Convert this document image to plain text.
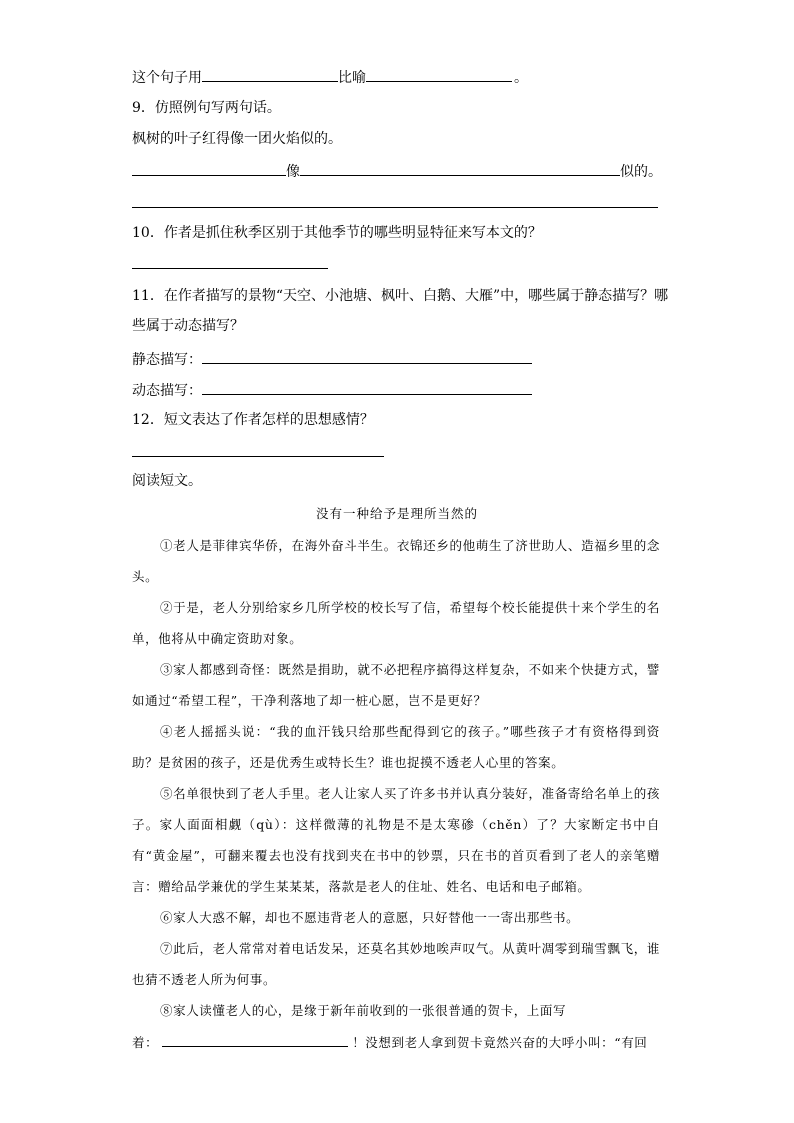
这个句子用	比喻	。
9．仿照例句写两句话。
枫树的叶子红得像一团火焰似的。
像	似的。
10．作者是抓住秋季区别于其他季节的哪些明显特征来写本文的？
11．在作者描写的景物“天空、小池塘、枫叶、白鹅、大雁”中，哪些属于静态描写？哪
些属于动态描写？
静态描写：
动态描写：
12．短文表达了作者怎样的思想感情？
阅读短文。
没有一种给予是理所当然的
①老人是菲律宾华侨，在海外奋斗半生。衣锦还乡的他萌生了济世助人、造福乡里的念头。
②于是，老人分别给家乡几所学校的校长写了信，希望每个校长能提供十来个学生的名单，他将从中确定资助对象。
③家人都感到奇怪：既然是捐助，就不必把程序搞得这样复杂，不如来个快捷方式，譬如通过“希望工程”，干净利落地了却一桩心愿，岂不是更好？
④老人摇摇头说：“我的血汗钱只给那些配得到它的孩子。”哪些孩子才有资格得到资助？是贫困的孩子，还是优秀生或特长生？谁也捉摸不透老人心里的答案。
⑤名单很快到了老人手里。老人让家人买了许多书并认真分装好，准备寄给名单上的孩子。家人面面相觑（qù）：这样微薄的礼物是不是太寒碜（chěn）了？大家断定书中自有“黄金屋”，可翻来覆去也没有找到夹在书中的钞票，只在书的首页看到了老人的亲笔赠言：赠给品学兼优的学生某某某，落款是老人的住址、姓名、电话和电子邮箱。
⑥家人大惑不解，却也不愿违背老人的意愿，只好替他一一寄出那些书。
⑦此后，老人常常对着电话发呆，还莫名其妙地唉声叹气。从黄叶凋零到瑞雪飘飞，谁也猜不透老人所为何事。
⑧家人读懂老人的心，是缘于新年前收到的一张很普通的贺卡，上面写
着：	！没想到老人拿到贺卡竟然兴奋的大呼小叫：“有回
